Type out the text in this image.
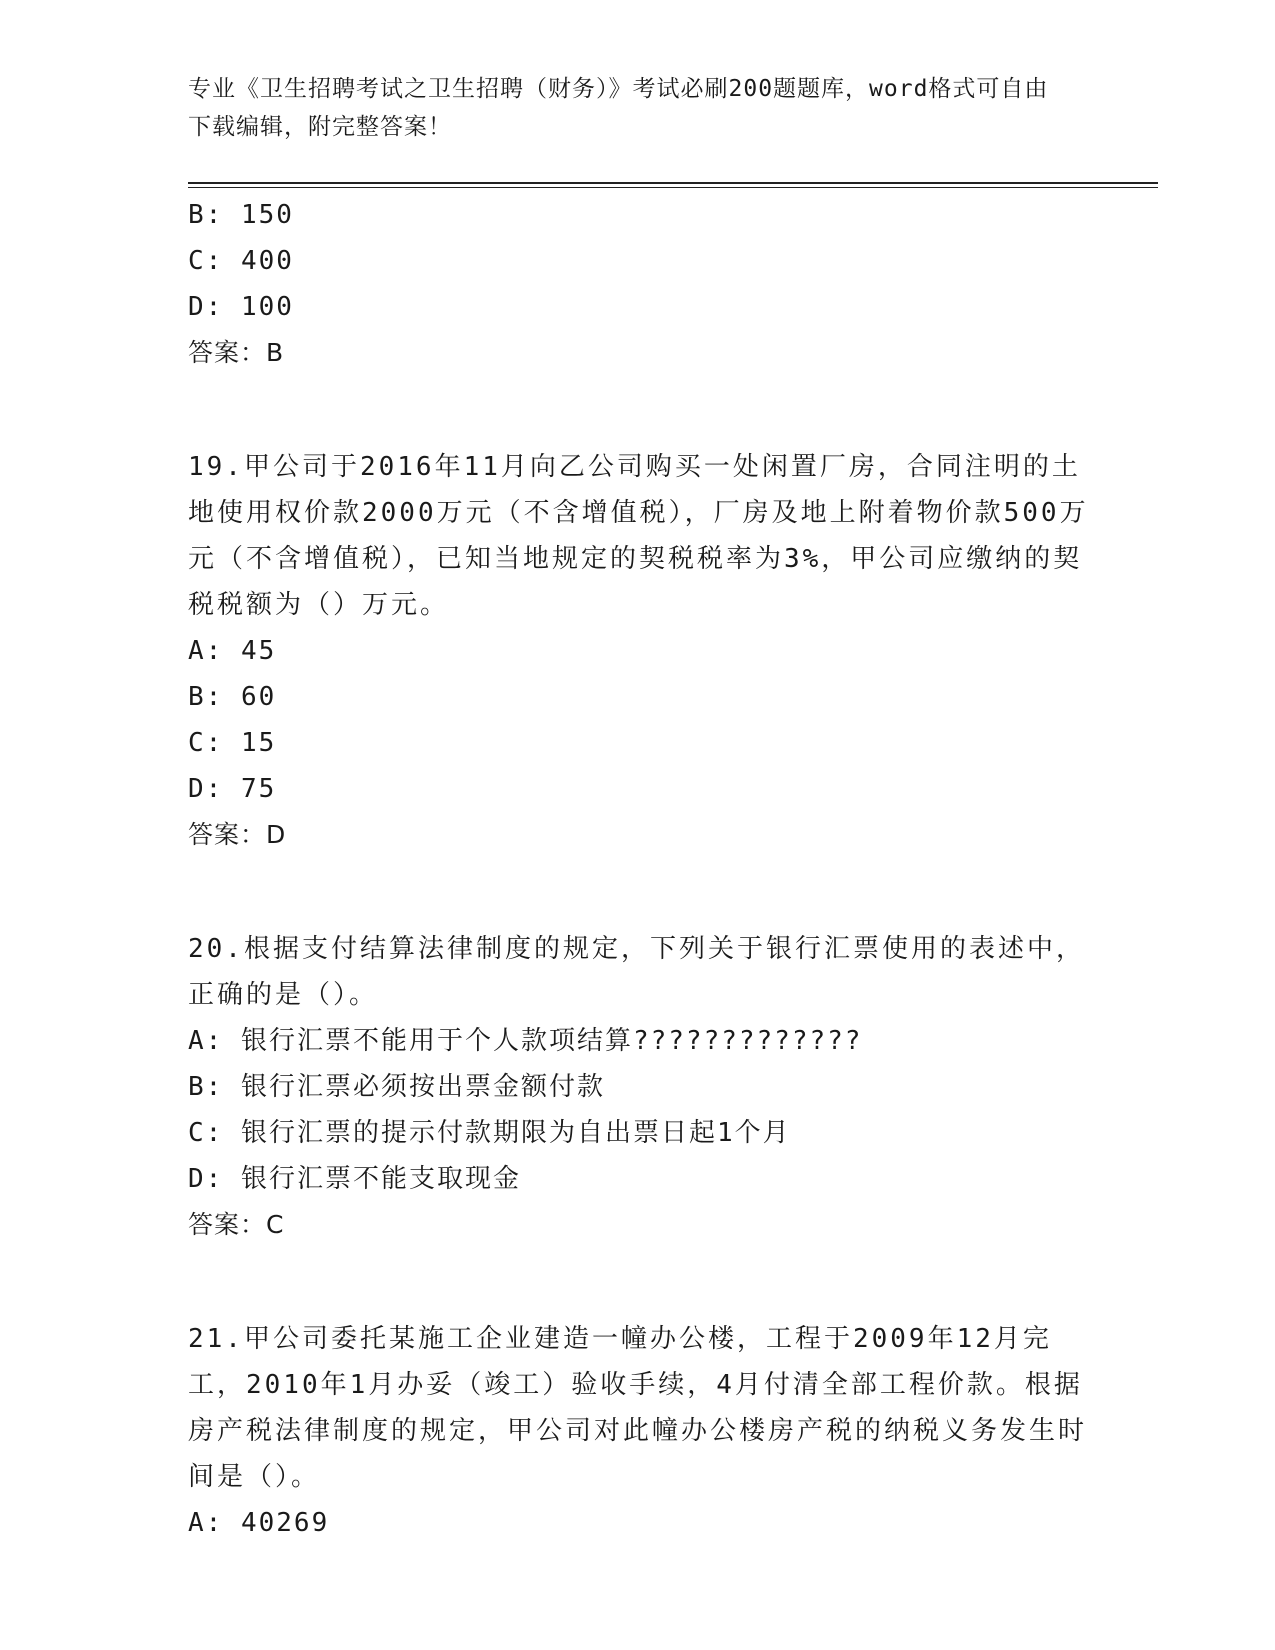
专业《卫生招聘考试之卫生招聘（财务）》考试必刷200题题库，word格式可自由下载编辑，附完整答案！
B: 150
C: 400
D: 100
答案：B
19.甲公司于2016年11月向乙公司购买一处闲置厂房，合同注明的土地使用权价款2000万元（不含增值税），厂房及地上附着物价款500万元（不含增值税），已知当地规定的契税税率为3%，甲公司应缴纳的契税税额为（）万元。
A: 45
B: 60
C: 15
D: 75
答案：D
20.根据支付结算法律制度的规定，下列关于银行汇票使用的表述中，正确的是（）。
A: 银行汇票不能用于个人款项结算?????????????
B: 银行汇票必须按出票金额付款
C: 银行汇票的提示付款期限为自出票日起1个月
D: 银行汇票不能支取现金
答案：C
21.甲公司委托某施工企业建造一幢办公楼，工程于2009年12月完工，2010年1月办妥（竣工）验收手续，4月付清全部工程价款。根据房产税法律制度的规定，甲公司对此幢办公楼房产税的纳税义务发生时间是（）。
A: 40269
